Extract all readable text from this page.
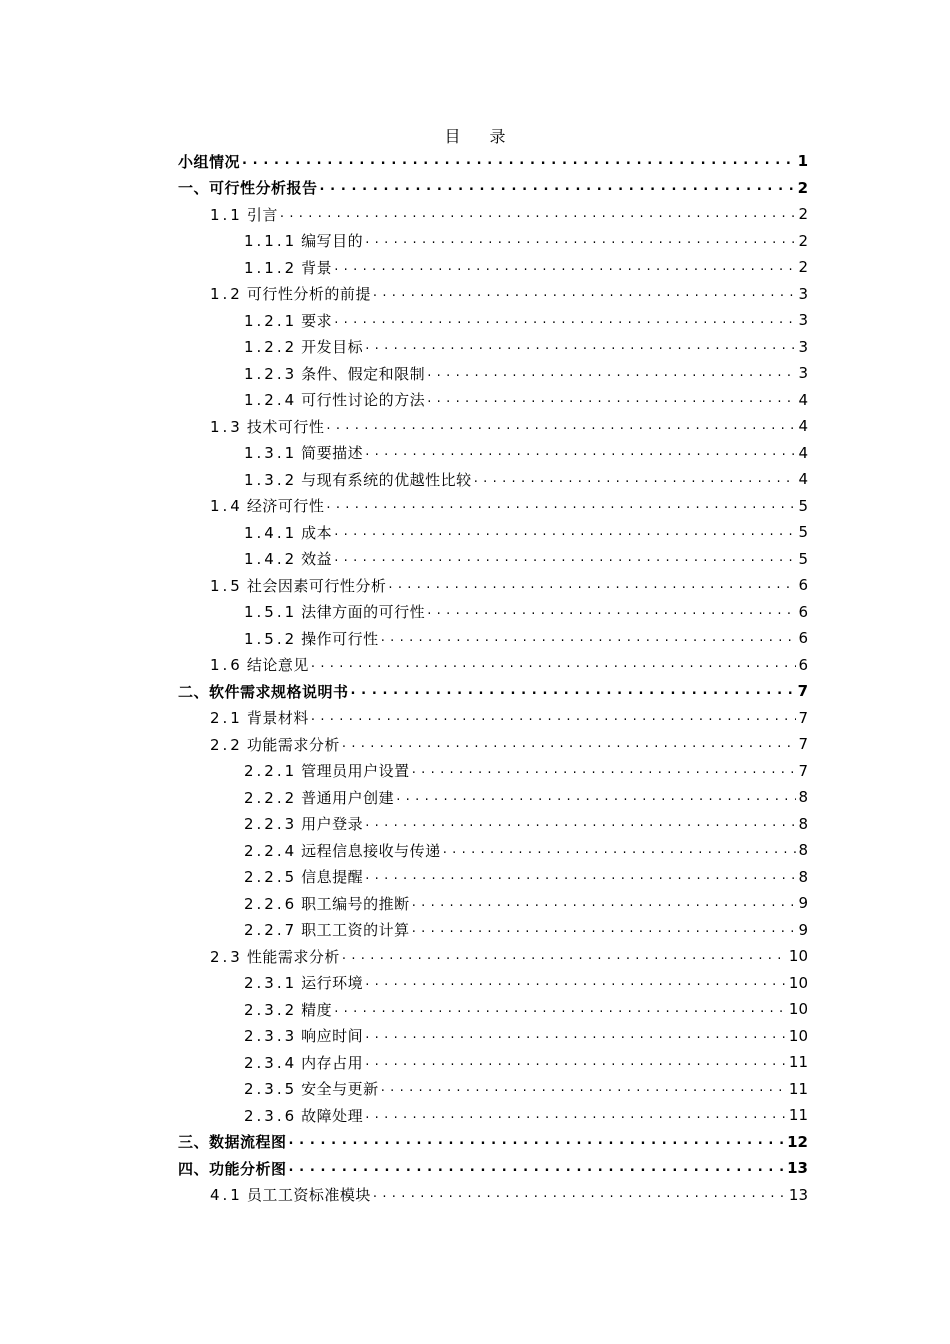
目 录
小组情况 . . .	1
一、可行性分析报告 . . .	2
1.1 引言 . . .	2
1.1.1 编写目的 . . .	2
1.1.2 背景 . . .	2
1.2 可行性分析的前提 . . .	3
1.2.1 要求 . . .	3
1.2.2 开发目标 . . .	3
1.2.3 条件、假定和限制 . . .	3
1.2.4 可行性讨论的方法 . . .	4
1.3 技术可行性 . . .	4
1.3.1 简要描述 . . .	4
1.3.2 与现有系统的优越性比较 . . .	4
1.4 经济可行性 . . .	5
1.4.1 成本 . . .	5
1.4.2 效益 . . .	5
1.5 社会因素可行性分析 . . .	6
1.5.1 法律方面的可行性 . . .	6
1.5.2 操作可行性 . . .	6
1.6 结论意见 . . .	6
二、软件需求规格说明书 . . .	7
2.1 背景材料 . . .	7
2.2 功能需求分析 . . .	7
2.2.1 管理员用户设置 . . .	7
2.2.2 普通用户创建 . . .	8
2.2.3 用户登录 . . .	8
2.2.4 远程信息接收与传递 . . .	8
2.2.5 信息提醒 . . .	8
2.2.6 职工编号的推断 . . .	9
2.2.7 职工工资的计算 . . .	9
2.3 性能需求分析 . . .	10
2.3.1 运行环境 . . .	10
2.3.2 精度 . . .	10
2.3.3 响应时间 . . .	10
2.3.4 内存占用 . . .	11
2.3.5 安全与更新 . . .	11
2.3.6 故障处理 . . .	11
三、数据流程图 . . .	12
四、功能分析图 . . .	13
4.1 员工工资标准模块 . . .	13
